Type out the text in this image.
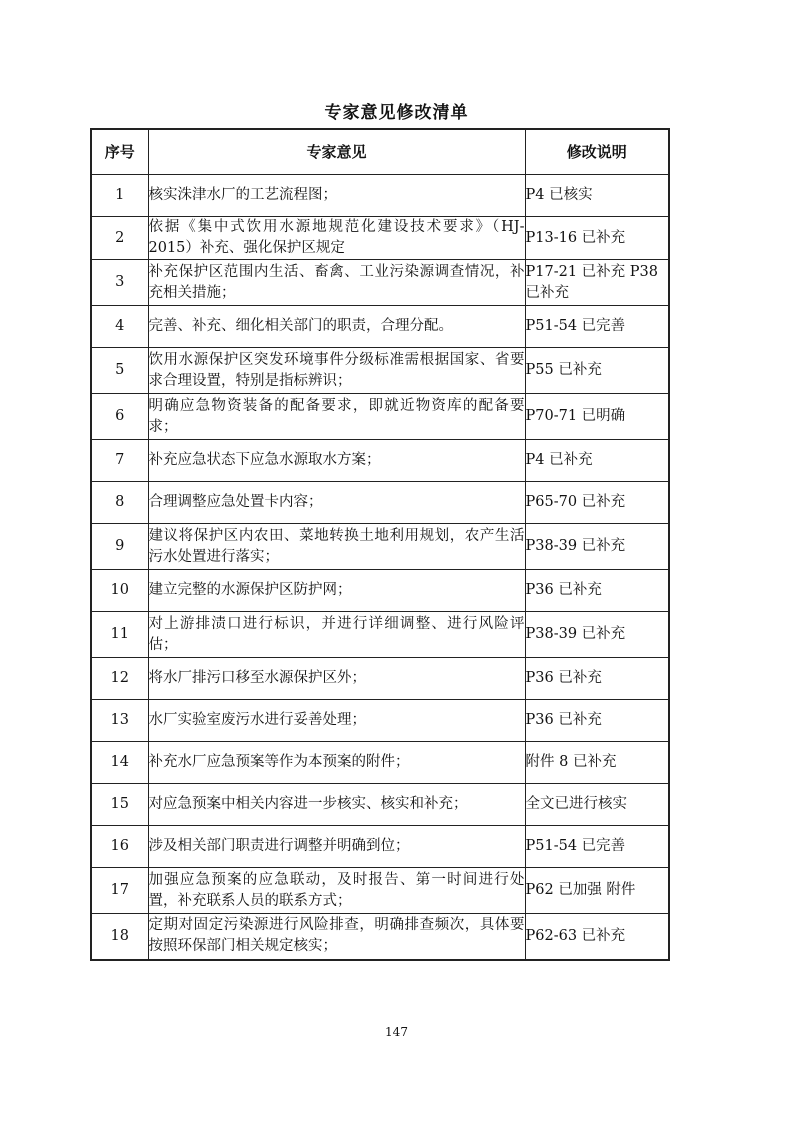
专家意见修改清单
序号	专家意见	修改说明
1	核实洙津水厂的工艺流程图；	P4 已核实
2	依据《集中式饮用水源地规范化建设技术要求》（HJ-2015）补充、强化保护区规定	P13-16 已补充
3	补充保护区范围内生活、畜禽、工业污染源调查情况，补充相关措施；	P17-21 已补充 P38 已补充
4	完善、补充、细化相关部门的职责，合理分配。	P51-54 已完善
5	饮用水源保护区突发环境事件分级标准需根据国家、省要求合理设置，特别是指标辨识；	P55 已补充
6	明确应急物资装备的配备要求，即就近物资库的配备要求；	P70-71 已明确
7	补充应急状态下应急水源取水方案；	P4 已补充
8	合理调整应急处置卡内容；	P65-70 已补充
9	建议将保护区内农田、菜地转换土地利用规划，农产生活污水处置进行落实；	P38-39 已补充
10	建立完整的水源保护区防护网；	P36 已补充
11	对上游排渍口进行标识，并进行详细调整、进行风险评估；	P38-39 已补充
12	将水厂排污口移至水源保护区外；	P36 已补充
13	水厂实验室废污水进行妥善处理；	P36 已补充
14	补充水厂应急预案等作为本预案的附件；	附件 8 已补充
15	对应急预案中相关内容进一步核实、核实和补充；	全文已进行核实
16	涉及相关部门职责进行调整并明确到位；	P51-54 已完善
17	加强应急预案的应急联动，及时报告、第一时间进行处置，补充联系人员的联系方式；	P62 已加强 附件
18	定期对固定污染源进行风险排查，明确排查频次，具体要按照环保部门相关规定核实；	P62-63 已补充
147
